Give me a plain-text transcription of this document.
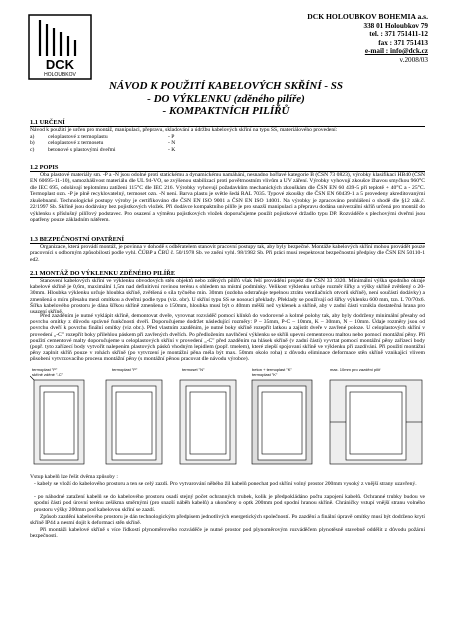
DCK
HOLOUBKOV
DCK HOLOUBKOV BOHEMIA a.s.
338 01 Holoubkov 79
tel. : 371 751411-12
fax : 371 751413
e-mail : info@dck.cz
v.2008/03
NÁVOD K POUŽITÍ KABELOVÝCH SKŘÍNÍ - SS
- DO VÝKLENKU (zděného pilíře)
- KOMPAKTNÍCH PILÍŘŮ
1.1 URČENÍ
Návod k použití je určen pro montáž, manipulaci, přepravu, skladování a údržbu kabelových skříní na typu SS, materiálového provedení:
a)	celoplastové z termoplastu	- P
b)	celoplastové z termosetu	- N
c)	betonové s plastovými dveřmi	- K
1.2 POPIS
Oba plastové materiály sm. -P a -N jsou odolné proti statickému a dynamickému namáhání, nesnadno hořlavé kategorie B (ČSN 73 0823), výrobky klasifikaci HB40 (ČSN EN 60695-11-10), samozhášivost materiálu dle UL 94-VO, se zvýšenou stabilizací proti povětrnostním vlivům a UV záření. Výrobky vyhovují zkoušce žhavou smyčkou 960°C dle IEC 695, odolávají teplotnímu zatížení 115°C dle IEC 216. Výrobky vyhovují požadavkům mechanických zkouškám dle ČSN EN 60 439-5 při teplotě + 40°C a - 25°C. Termoplast ozn. -P je plně recyklovatelný, termoset ozn. -N není. Barva plastu je světle šedá RAL 7035. Typové zkoušky dle ČSN EN 60439-1 a 5 provedeny akreditovanými zkušebnami. Technologické postupy výroby je certifikováno dle ČSN EN ISO 9001 a ČSN EN ISO 14001. Na výrobky je zpracováno prohlášení o shodě dle §12 zák.č. 22/1997 Sb. Skříně jsou dodávány bez pojistkových vložek. Při dodávce kompaktního pilíře je pro snazší manipulaci a přepravu dodána univerzální skříň určená pro montáž do výklenku s příslušný pilířový podstavec. Pro osazení a výměnu pojistkových vložek doporučujeme použít pojistkové držadlo typu DP. Rozváděče s plechovými dveřmi jsou opatřeny pouze základním nátěrem.
1.3 BEZPEČNOSTNÍ OPATŘENÍ
Organizace, která provádí montáž, je povinna v dohodě s odběratelem stanovit pracovní postupy tak, aby byly bezpečné. Montáže kabelových skříní mohou provádět pouze pracovníci s odborným způsobilostí podle vyhl. ČÚBP a ČBÚ č. 50/1978 Sb. ve znění vyhl. 98/1982 Sb. Při práci musí respektovat bezpečnostní předpisy dle ČSN EN 50110-1 ed2.
2.1 MONTÁŽ DO VÝKLENKU ZDĚNÉHO PILÍŘE
Stanovení kabelových skříní ve výklenku obvodových stěn objektů nebo zděných pilířů však řeší provádění projekt dle ČSN 33 3320. Minimální výška spodního okraje kabelové skříně je 0,6m, maximální 1,5m nad definitivní rovinou terénu s ohledem na místní podmínky. Velikost výklenku určuje rozměr šířky a výšky skříně zvětšený o 20-30mm. Hloubka výklenku určuje hloubka skříně, zvětšená o síla tyčného min. 30mm (ozdoba odstraňuje tepelnou ztrátu ventilačních otvorů skříně), není součástí dodávky) a zmenšená o míru přesahu mezi omítkou a dveřmi podle typu (viz. obr). U skříní typu SS se nosoucí překlady. Překlady se používají od šířky výklenku 600 mm, tzn. L 70/70x6. Šířka kabelového prostoru je dána šířkou skříně zmenšena o 150mm, hloubka musí být o 40mm měšší než vyklenek a skříně, aby v zadní části vznikla dostatečná hrana pro usazení skříně.
Před zazděním je nutné vyklápit skříně, demontovat dveře, vyrovnat rozváděč pomocí klínků do vodorovné a kolmé polohy tak, aby byly dodrženy minimální přesahy od povrchu omítky z důvodu správné funkčnosti dveří. Doporučujeme dodržet následující rozměry: P – 35mm, P-C – 10mm, K – 30mm, N – 10mm. Údaje rozměry jsou od povrchu dveří k povrchu finální omítky (viz obr.). Před vlastním zazděním, je nutné boky skříně rozepřít latkou a zajistit dveře v zavřené poloze. U celoplastových skříní v provedení „-C" rozepřít boky přilehlou páskem při zavřených dveřích. Po předložením navlhčení výklenku se skříň upevní cementovou maltou nebo pomocí montážní pěny. Při použití cementové malty doporučujeme u celoplastových skříní v provedení „-C" před zazděním na hlásek skříně (v zadní části) vyvrtat pomocí montážní pěny zařízecí body (popř. tyto zařízecí body vytvořit nalepením plastových pásků vhodným lepidlem (popř. tmelem), které zlepší spojovaní skříně ve výklenku při zazdívání. Při použití montážní pěny zaplnit skříň pouze v rohách skříně (po vytvrzení je montážní pěna méla být max. 50mm okolo roha) z důvodu eliminace deformace stěn skříně vznikající vlivem působení vytvrzovacího procesu montážní pěny (s montážní pěnou pracovat dle návodu výrobce).
termoplast "P"
skříně zděné "-C"
termoplast "P"	termoset "N"	beton + termoplast "K"
termoplast "K"
max. 10mm pro zazdění pilíř
Vstup kabelů lze řešit dvěma způsoby :
- kabely se vloží do kabelového prostoru a ten se celý zazdí. Pro vytvarování něbého žil kabelů ponechat pod skříní volný prostor 200mm vysoký z vnější strany uzavřený.
- po náhodné zatažení kabelů se do kabelového prostoru osadí stejný počet ochranných trubek, kolik je předpokládáno počtu zapojení kabelů. Ochranné trubky budou ve spodní části pod úrovní terénu zešikma směrnými (pro snazší náběh kabelů) a ukončeny o optk 200mm pod spodní hranou skříně. Chráničky vstupí vnější stranu volného prostoru výšky 200mm pod kabelovou skříní se zazdí.
Způsob zazdění kabelového prostoru je dán technologickým předpisem jednotlivých energetických společností. Po zazdění a finální úpravě omítky musí být dodrženo krytí skříně IP44 a nesmí dojít k deformaci stěn skříně.
Při montáži kabelové skříně s více řídkostí plynoměrového rozváděče je nutné prostor pod plynoměrovým rozváděčem plynotěsně stavebně oddělit z důvodu požární bezpečnosti.
